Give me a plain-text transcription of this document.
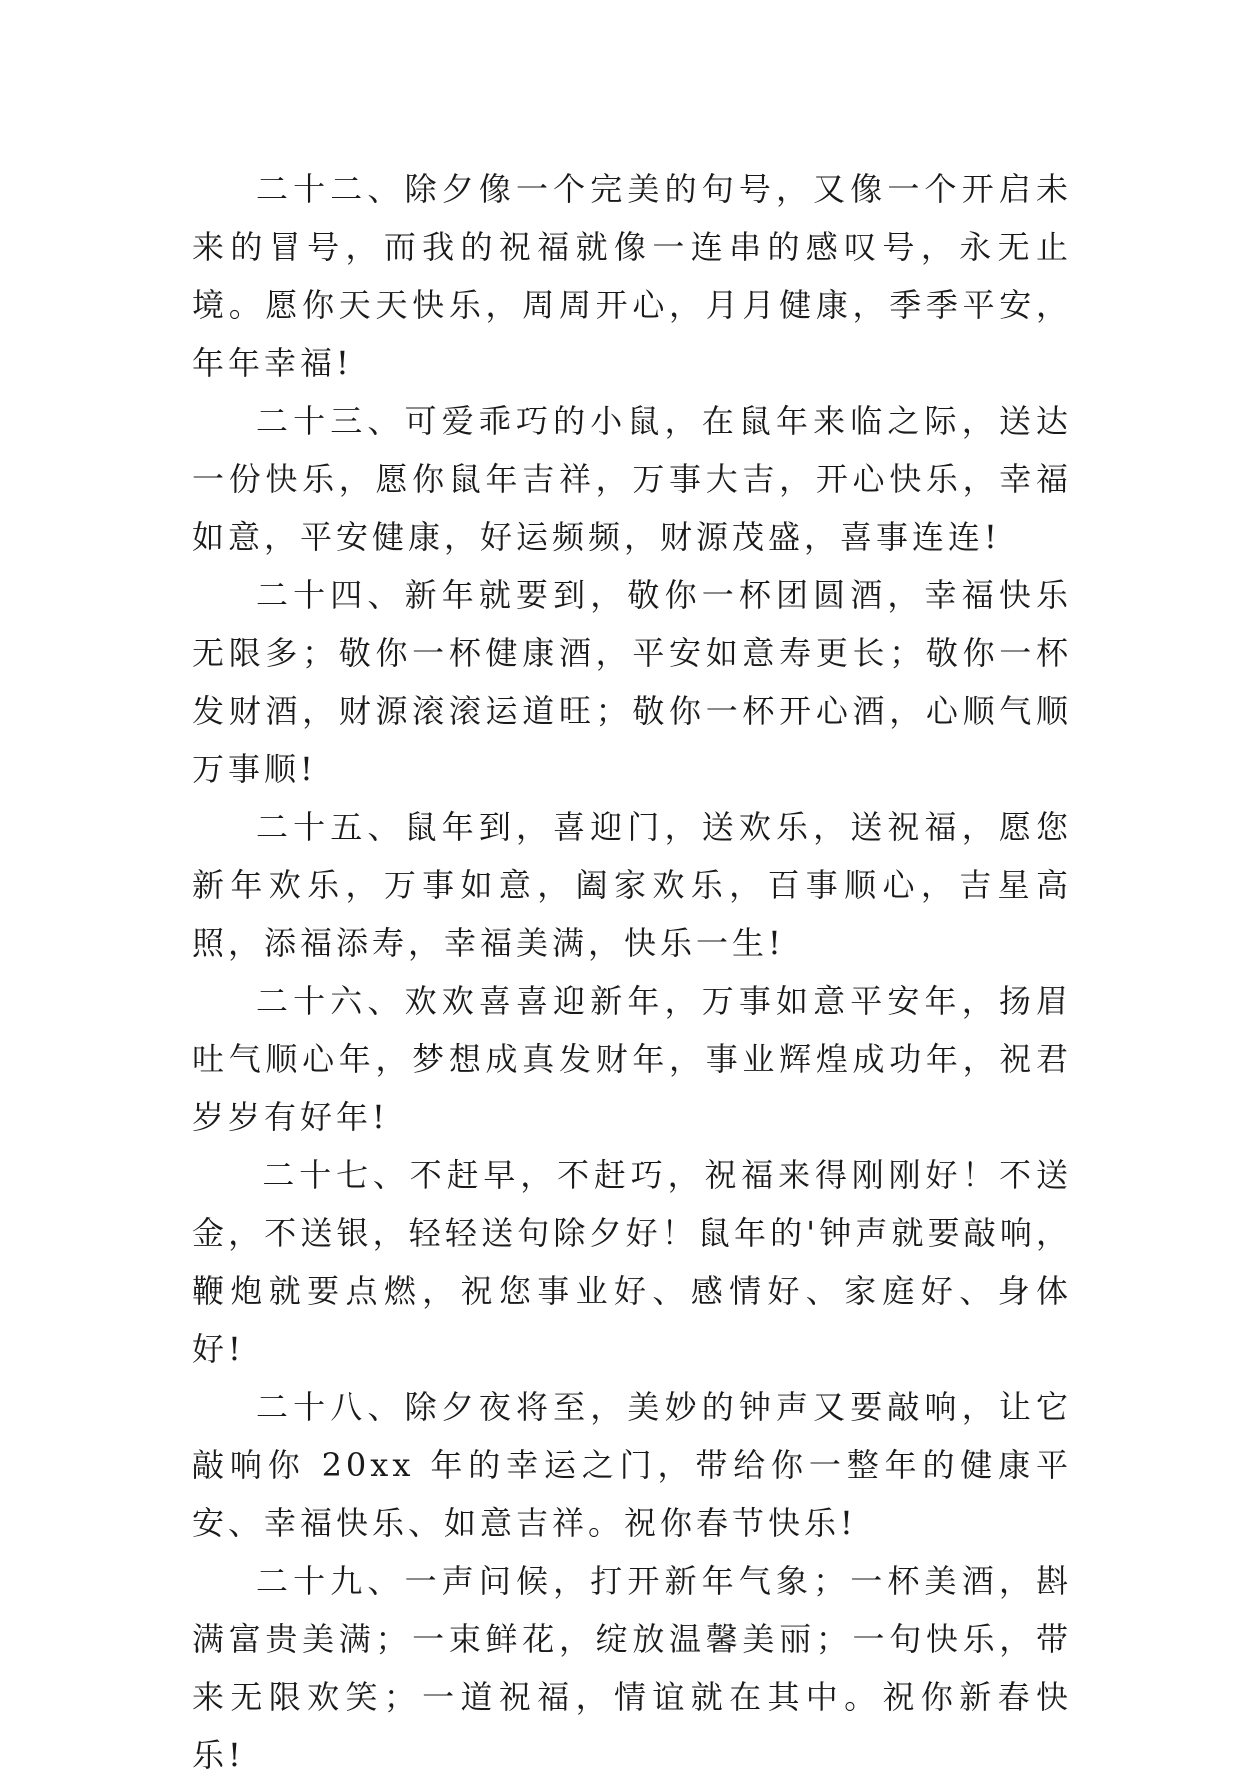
二十二、除夕像一个完美的句号，又像一个开启未来的冒号，而我的祝福就像一连串的感叹号，永无止境。愿你天天快乐，周周开心，月月健康，季季平安，年年幸福!

二十三、可爱乖巧的小鼠，在鼠年来临之际，送达一份快乐，愿你鼠年吉祥，万事大吉，开心快乐，幸福如意，平安健康，好运频频，财源茂盛，喜事连连!

二十四、新年就要到，敬你一杯团圆酒，幸福快乐无限多；敬你一杯健康酒，平安如意寿更长；敬你一杯发财酒，财源滚滚运道旺；敬你一杯开心酒，心顺气顺万事顺!

二十五、鼠年到，喜迎门，送欢乐，送祝福，愿您新年欢乐，万事如意，阖家欢乐，百事顺心，吉星高照，添福添寿，幸福美满，快乐一生!

二十六、欢欢喜喜迎新年，万事如意平安年，扬眉吐气顺心年，梦想成真发财年，事业辉煌成功年，祝君岁岁有好年!

二十七、不赶早，不赶巧，祝福来得刚刚好！不送金，不送银，轻轻送句除夕好！鼠年的'钟声就要敲响，鞭炮就要点燃，祝您事业好、感情好、家庭好、身体好!

二十八、除夕夜将至，美妙的钟声又要敲响，让它敲响你 20xx 年的幸运之门，带给你一整年的健康平安、幸福快乐、如意吉祥。祝你春节快乐!

二十九、一声问候，打开新年气象；一杯美酒，斟满富贵美满；一束鲜花，绽放温馨美丽；一句快乐，带来无限欢笑；一道祝福，情谊就在其中。祝你新春快乐!
